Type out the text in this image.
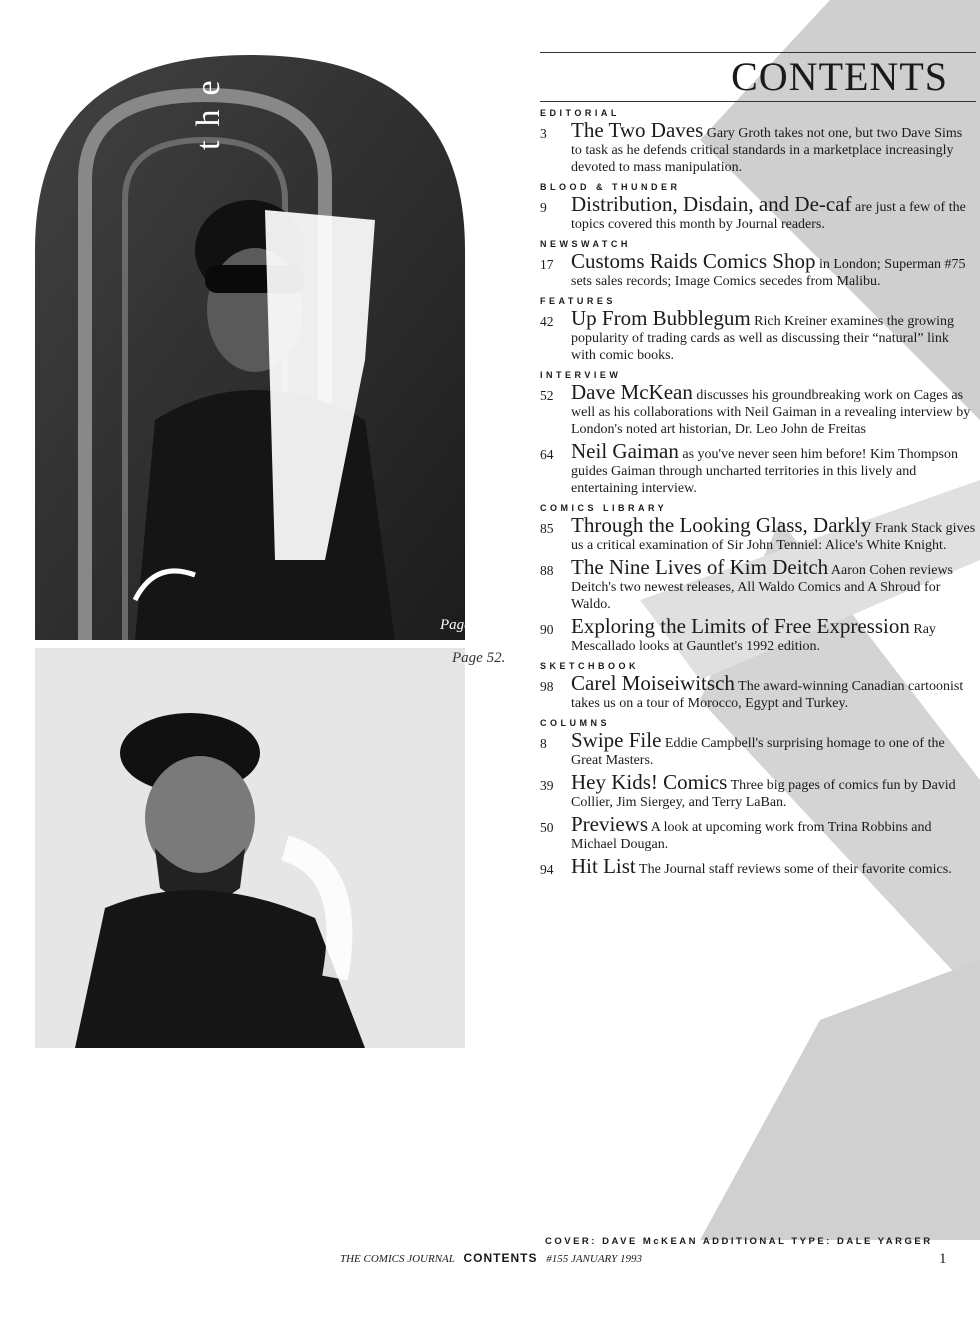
the
Page 64.
Page 52.
CONTENTS
EDITORIAL
3 The Two Daves Gary Groth takes not one, but two Dave Sims to task as he defends critical standards in a marketplace increasingly devoted to mass manipulation.
BLOOD & THUNDER
9 Distribution, Disdain, and De-caf are just a few of the topics covered this month by Journal readers.
NEWSWATCH
17 Customs Raids Comics Shop in London; Superman #75 sets sales records; Image Comics secedes from Malibu.
FEATURES
42 Up From Bubblegum Rich Kreiner examines the growing popularity of trading cards as well as discussing their “natural” link with comic books.
INTERVIEW
52 Dave McKean discusses his groundbreaking work on Cages as well as his collaborations with Neil Gaiman in a revealing interview by London's noted art historian, Dr. Leo John de Freitas
64 Neil Gaiman as you've never seen him before! Kim Thompson guides Gaiman through uncharted territories in this lively and entertaining interview.
COMICS LIBRARY
85 Through the Looking Glass, Darkly Frank Stack gives us a critical examination of Sir John Tenniel: Alice's White Knight.
88 The Nine Lives of Kim Deitch Aaron Cohen reviews Deitch's two newest releases, All Waldo Comics and A Shroud for Waldo.
90 Exploring the Limits of Free Expression Ray Mescallado looks at Gauntlet's 1992 edition.
SKETCHBOOK
98 Carel Moiseiwitsch The award-winning Canadian cartoonist takes us on a tour of Morocco, Egypt and Turkey.
COLUMNS
8 Swipe File Eddie Campbell's surprising homage to one of the Great Masters.
39 Hey Kids! Comics Three big pages of comics fun by David Collier, Jim Siergey, and Terry LaBan.
50 Previews A look at upcoming work from Trina Robbins and Michael Dougan.
94 Hit List The Journal staff reviews some of their favorite comics.
COVER: DAVE McKEAN ADDITIONAL TYPE: DALE YARGER
THE COMICS JOURNAL CONTENTS #155 JANUARY 1993	1
